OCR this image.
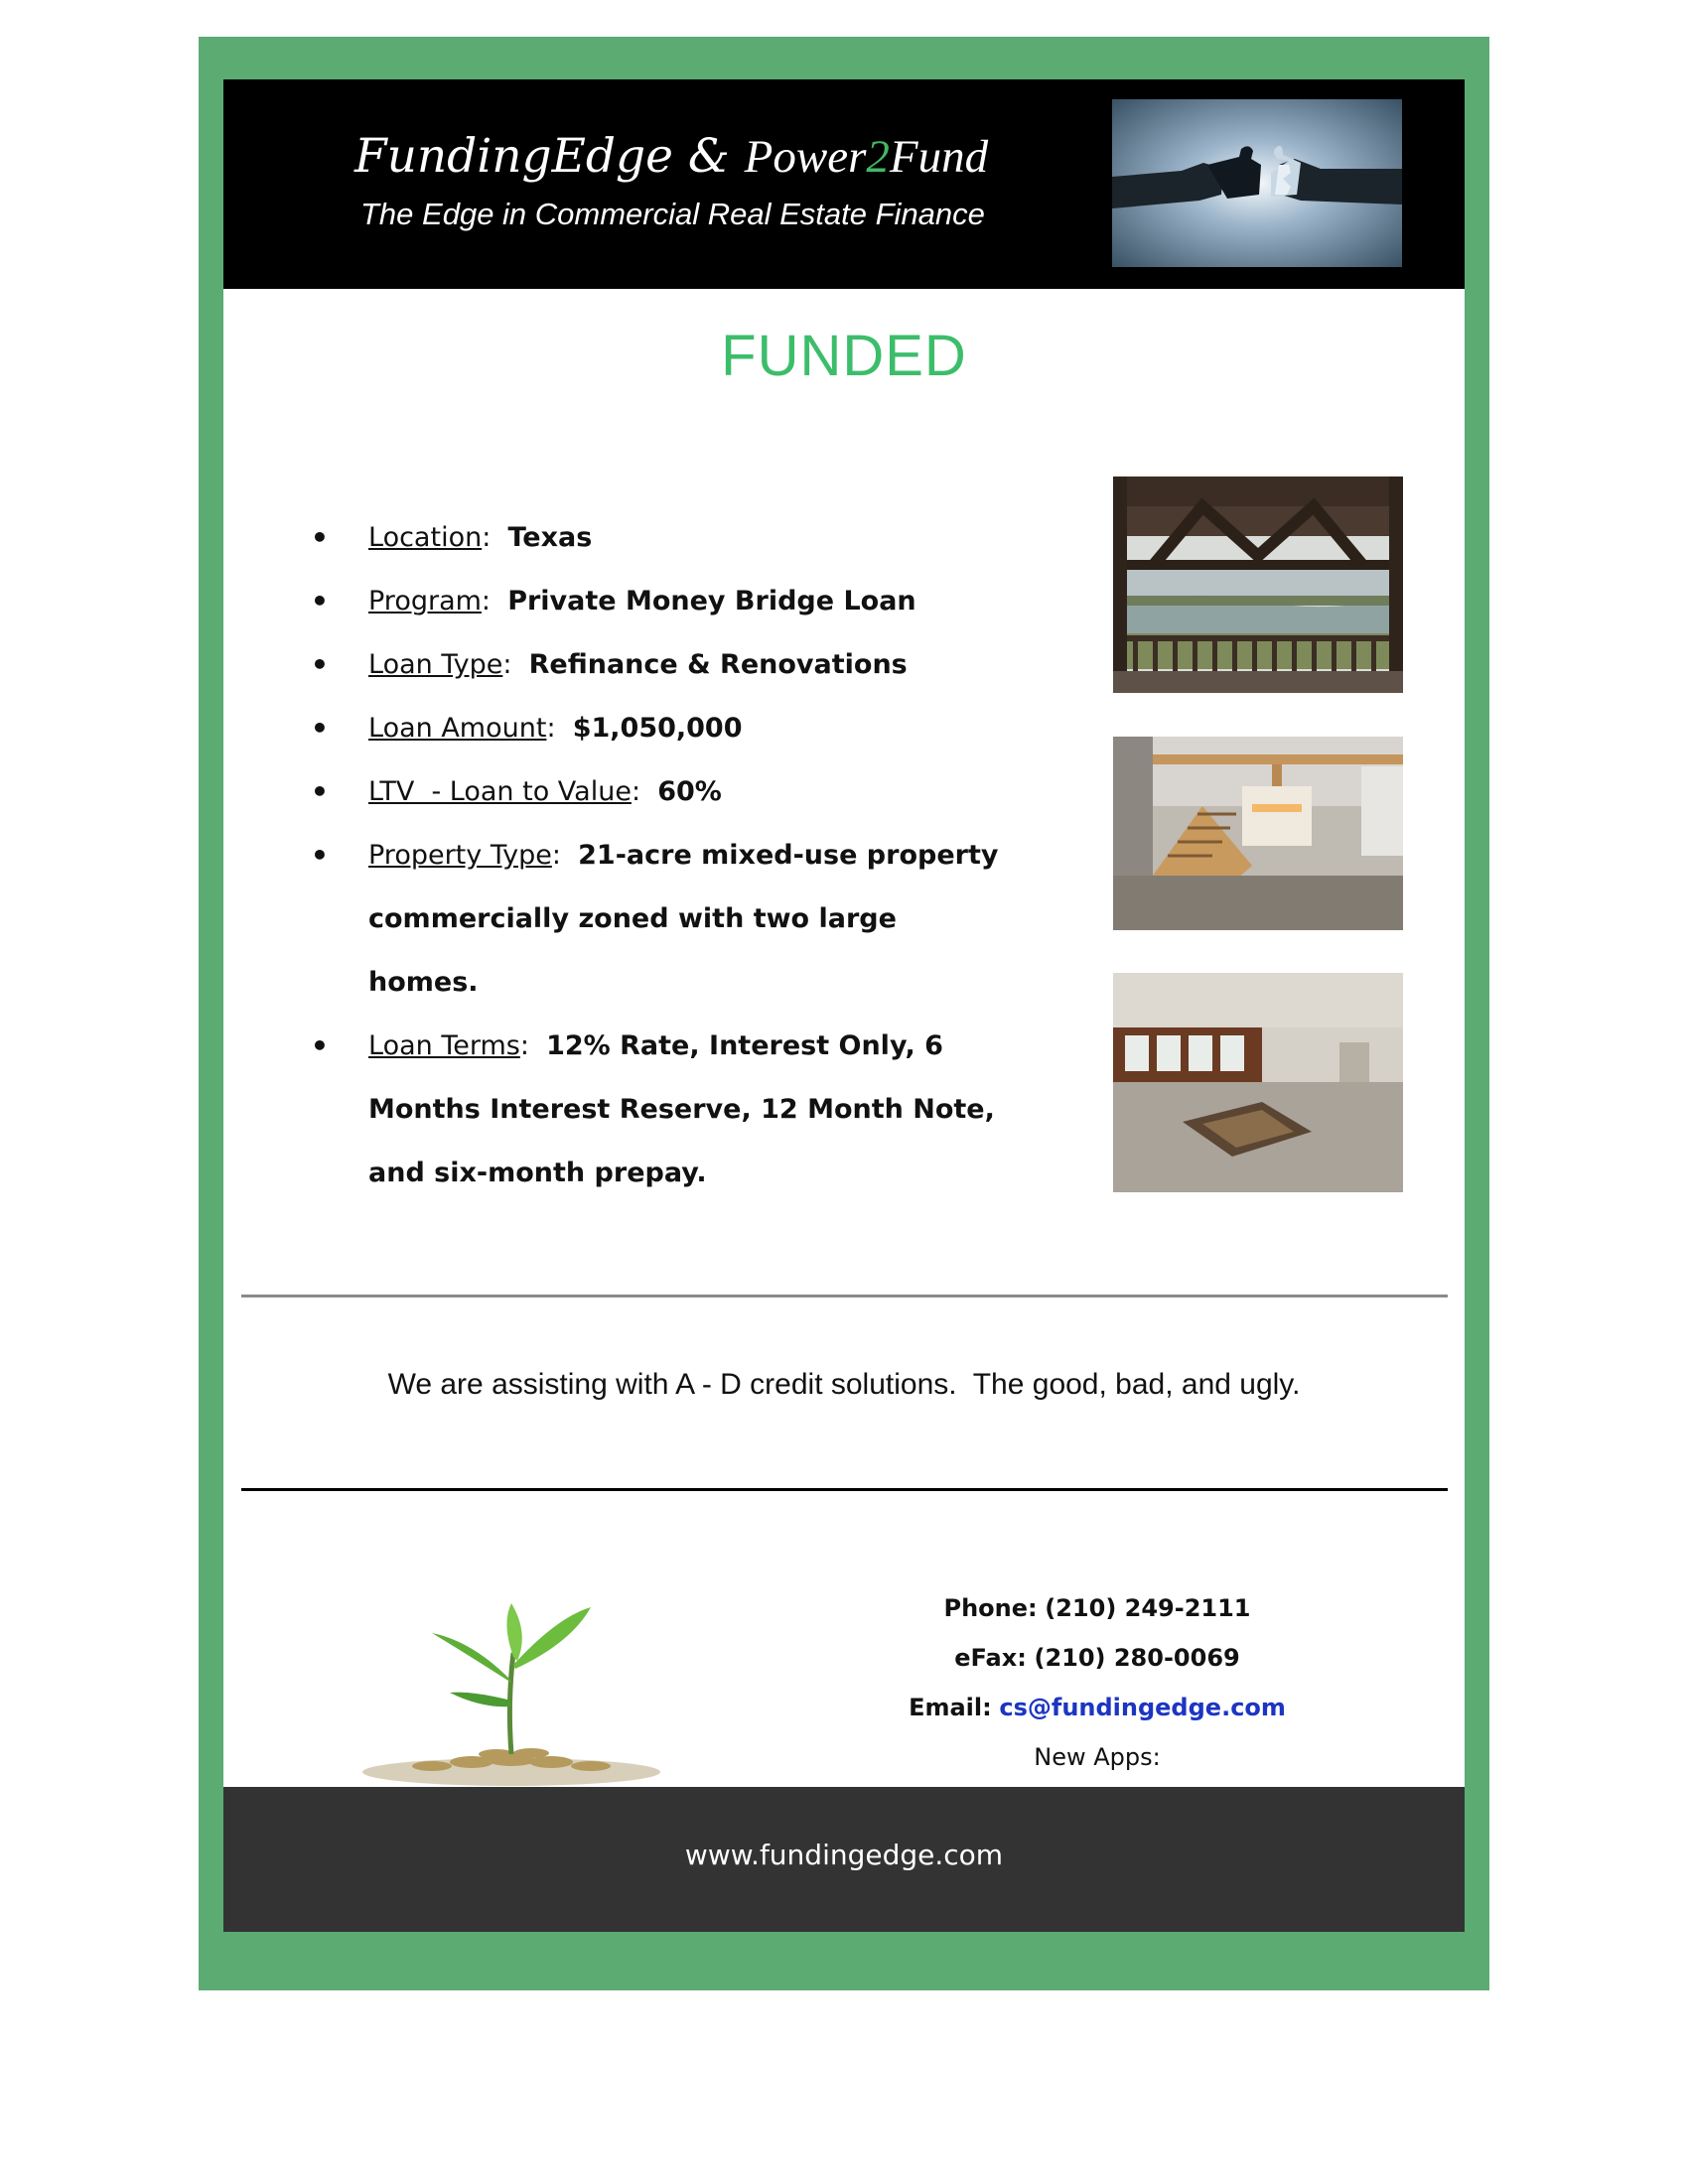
FundingEdge & Power2Fund
The Edge in Commercial Real Estate Finance
FUNDED
• Location:  Texas
• Program:  Private Money Bridge Loan
• Loan Type:  Refinance & Renovations
• Loan Amount:  $1,050,000
• LTV  - Loan to Value:  60%
• Property Type:  21-acre mixed-use property
commercially zoned with two large homes.
• Loan Terms:  12% Rate, Interest Only, 6
Months Interest Reserve, 12 Month Note,
and six-month prepay.
We are assisting with A - D credit solutions.  The good, bad, and ugly.
Phone: (210) 249-2111
eFax: (210) 280-0069
Email: cs@fundingedge.com
New Apps:
www.fundingedge.com
